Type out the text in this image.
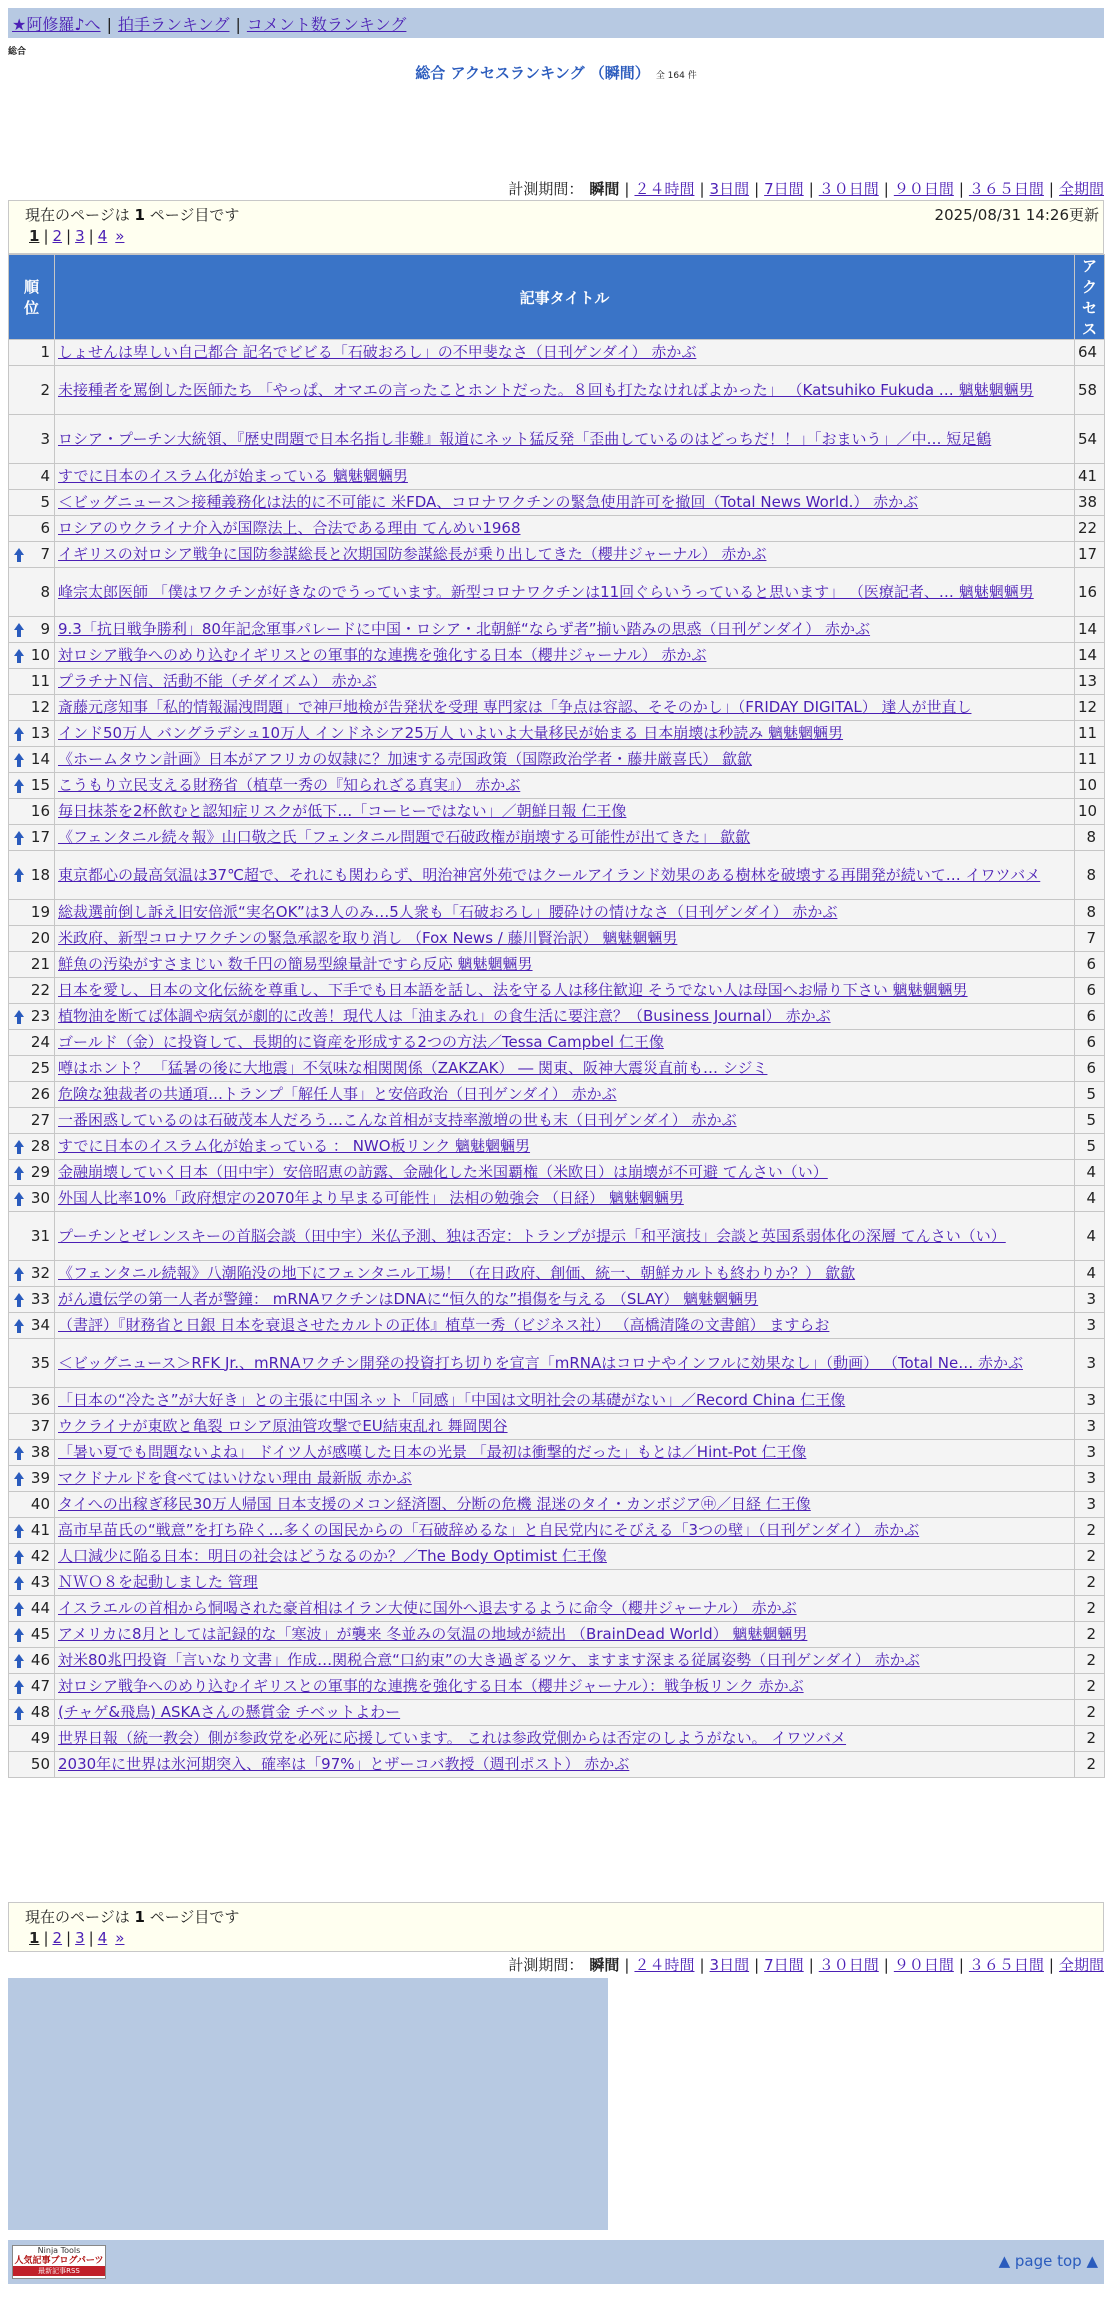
★阿修羅♪へ | 拍手ランキング | コメント数ランキング
総合
総合 アクセスランキング （瞬間） 全 164 件
計測期間： 瞬間 | ２４時間 | 3日間 | 7日間 | ３０日間 | ９０日間 | ３６５日間 | 全期間
現在のページは 1 ページ目です	2025/08/31 14:26更新
1 | 2 | 3 | 4 »
順
位	記事タイトル	アク
セス
1	しょせんは卑しい自己都合 記名でビビる「石破おろし」の不甲斐なさ（日刊ゲンダイ） 赤かぶ	64
2	未接種者を罵倒した医師たち 「やっぱ、オマエの言ったことホントだった。８回も打たなければよかった」 （Katsuhiko Fukuda … 魑魅魍魎男	58
3	ロシア・プーチン大統領、『歴史問題で日本名指し非難』報道にネット猛反発「歪曲しているのはどっちだ！！」「おまいう」／中… 短足鶴	54
4	すでに日本のイスラム化が始まっている 魑魅魍魎男	41
5	＜ビッグニュース＞接種義務化は法的に不可能に 米FDA、コロナワクチンの緊急使用許可を撤回（Total News World.） 赤かぶ	38
6	ロシアのウクライナ介入が国際法上、合法である理由 てんめい1968	22

7	イギリスの対ロシア戦争に国防参謀総長と次期国防参謀総長が乗り出してきた（櫻井ジャーナル） 赤かぶ	17
8	峰宗太郎医師 「僕はワクチンが好きなのでうっています。新型コロナワクチンは11回ぐらいうっていると思います」 （医療記者、… 魑魅魍魎男	16

9	9.3「抗日戦争勝利」80年記念軍事パレードに中国・ロシア・北朝鮮“ならず者”揃い踏みの思惑（日刊ゲンダイ） 赤かぶ	14

10	対ロシア戦争へのめり込むイギリスとの軍事的な連携を強化する日本（櫻井ジャーナル） 赤かぶ	14
11	プラチナＮ信、活動不能（チダイズム） 赤かぶ	13
12	斎藤元彦知事「私的情報漏洩問題」で神戸地検が告発状を受理 専門家は「争点は容認、そそのかし」（FRIDAY DIGITAL） 達人が世直し	12

13	インド50万人 バングラデシュ10万人 インドネシア25万人 いよいよ大量移民が始まる 日本崩壊は秒読み 魑魅魍魎男	11

14	《ホームタウン計画》日本がアフリカの奴隷に？加速する売国政策（国際政治学者・藤井厳喜氏） 歙歙	11

15	こうもり立民支える財務省（植草一秀の『知られざる真実』） 赤かぶ	10
16	毎日抹茶を2杯飲むと認知症リスクが低下…「コーヒーではない」／朝鮮日報 仁王像	10

17	《フェンタニル続々報》山口敬之氏「フェンタニル問題で石破政権が崩壊する可能性が出てきた」 歙歙	8

18	東京都心の最高気温は37℃超で、それにも関わらず、明治神宮外苑ではクールアイランド効果のある樹林を破壊する再開発が続いて… イワツバメ	8
19	総裁選前倒し訴え旧安倍派“実名OK”は3人のみ…5人衆も「石破おろし」腰砕けの情けなさ（日刊ゲンダイ） 赤かぶ	8
20	米政府、新型コロナワクチンの緊急承認を取り消し （Fox News / 藤川賢治訳） 魑魅魍魎男	7
21	鮮魚の汚染がすさまじい 数千円の簡易型線量計ですら反応 魑魅魍魎男	6
22	日本を愛し、日本の文化伝統を尊重し、下手でも日本語を話し、法を守る人は移住歓迎 そうでない人は母国へお帰り下さい 魑魅魍魎男	6

23	植物油を断てば体調や病気が劇的に改善！現代人は「油まみれ」の食生活に要注意？（Business Journal） 赤かぶ	6
24	ゴールド（金）に投資して、長期的に資産を形成する2つの方法／Tessa Campbel 仁王像	6
25	噂はホント？ 「猛暑の後に大地震」不気味な相関関係（ZAKZAK） ― 関東、阪神大震災直前も… シジミ	6
26	危険な独裁者の共通項…トランプ「解任人事」と安倍政治（日刊ゲンダイ） 赤かぶ	5
27	一番困惑しているのは石破茂本人だろう…こんな首相が支持率激増の世も末（日刊ゲンダイ） 赤かぶ	5

28	すでに日本のイスラム化が始まっている ： NWO板リンク 魑魅魍魎男	5

29	金融崩壊していく日本（田中宇）安倍昭恵の訪露、金融化した米国覇権（米欧日）は崩壊が不可避 てんさい（い）	4

30	外国人比率10%「政府想定の2070年より早まる可能性」 法相の勉強会 （日経） 魑魅魍魎男	4
31	プーチンとゼレンスキーの首脳会談（田中宇）米仏予測、独は否定：トランプが提示「和平演技」会談と英国系弱体化の深層 てんさい（い）	4

32	《フェンタニル続報》八潮陥没の地下にフェンタニル工場！（在日政府、創価、統一、朝鮮カルトも終わりか？） 歙歙	4

33	がん遺伝学の第一人者が警鐘： mRNAワクチンはDNAに“恒久的な”損傷を与える （SLAY） 魑魅魍魎男	3

34	（書評）『財務省と日銀 日本を衰退させたカルトの正体』植草一秀（ビジネス社） （高橋清隆の文書館） ますらお	3
35	＜ビッグニュース＞RFK Jr.、mRNAワクチン開発の投資打ち切りを宣言「mRNAはコロナやインフルに効果なし」（動画） （Total Ne… 赤かぶ	3
36	「日本の“冷たさ”が大好き」との主張に中国ネット「同感」「中国は文明社会の基礎がない」／Record China 仁王像	3
37	ウクライナが東欧と亀裂 ロシア原油管攻撃でEU結束乱れ 舞岡関谷	3

38	「暑い夏でも問題ないよね」 ドイツ人が感嘆した日本の光景 「最初は衝撃的だった」もとは／Hint-Pot 仁王像	3

39	マクドナルドを食べてはいけない理由 最新版 赤かぶ	3
40	タイへの出稼ぎ移民30万人帰国 日本支援のメコン経済圏、分断の危機 混迷のタイ・カンボジア㊥／日経 仁王像	3

41	高市早苗氏の“戦意”を打ち砕く…多くの国民からの「石破辞めるな」と自民党内にそびえる「3つの壁」（日刊ゲンダイ） 赤かぶ	2

42	人口減少に陥る日本：明日の社会はどうなるのか？／The Body Optimist 仁王像	2

43	ＮＷＯ８を起動しました 管理	2

44	イスラエルの首相から恫喝された豪首相はイラン大使に国外へ退去するように命令（櫻井ジャーナル） 赤かぶ	2

45	アメリカに8月としては記録的な「寒波」が襲来 冬並みの気温の地域が続出 （BrainDead World） 魑魅魍魎男	2

46	対米80兆円投資「言いなり文書」作成…関税合意“口約束”の大き過ぎるツケ、ますます深まる従属姿勢（日刊ゲンダイ） 赤かぶ	2

47	対ロシア戦争へのめり込むイギリスとの軍事的な連携を強化する日本（櫻井ジャーナル）：戦争板リンク 赤かぶ	2

48	(チャゲ&飛鳥) ASKAさんの懸賞金 チベットよわー	2
49	世界日報（統一教会）側が参政党を必死に応援しています。 これは参政党側からは否定のしようがない。 イワツバメ	2
50	2030年に世界は氷河期突入、確率は「97%」とザーコバ教授（週刊ポスト） 赤かぶ	2
現在のページは 1 ページ目です
1 | 2 | 3 | 4 »
計測期間： 瞬間 | ２４時間 | 3日間 | 7日間 | ３０日間 | ９０日間 | ３６５日間 | 全期間
Ninja Tools
人気記事ブログパーツ
最新記事RSS
▲ page top ▲
